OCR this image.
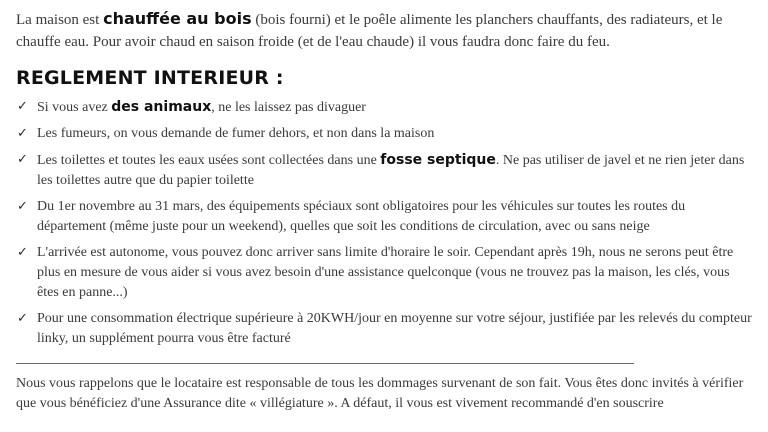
La maison est chauffée au bois (bois fourni) et le poêle alimente les planchers chauffants, des radiateurs, et le chauffe eau. Pour avoir chaud en saison froide (et de l'eau chaude) il vous faudra donc faire du feu.

REGLEMENT INTERIEUR :
✓ Si vous avez des animaux, ne les laissez pas divaguer
✓ Les fumeurs, on vous demande de fumer dehors, et non dans la maison
✓ Les toilettes et toutes les eaux usées sont collectées dans une fosse septique. Ne pas utiliser de javel et ne rien jeter dans les toilettes autre que du papier toilette
✓ Du 1er novembre au 31 mars, des équipements spéciaux sont obligatoires pour les véhicules sur toutes les routes du département (même juste pour un weekend), quelles que soit les conditions de circulation, avec ou sans neige
✓ L'arrivée est autonome, vous pouvez donc arriver sans limite d'horaire le soir. Cependant après 19h, nous ne serons peut être plus en mesure de vous aider si vous avez besoin d'une assistance quelconque (vous ne trouvez pas la maison, les clés, vous êtes en panne...)
✓ Pour une consommation électrique supérieure à 20KWH/jour en moyenne sur votre séjour, justifiée par les relevés du compteur linky, un supplément pourra vous être facturé

Nous vous rappelons que le locataire est responsable de tous les dommages survenant de son fait. Vous êtes donc invités à vérifier que vous bénéficiez d'une Assurance dite « villégiature ». A défaut, il vous est vivement recommandé d'en souscrire
